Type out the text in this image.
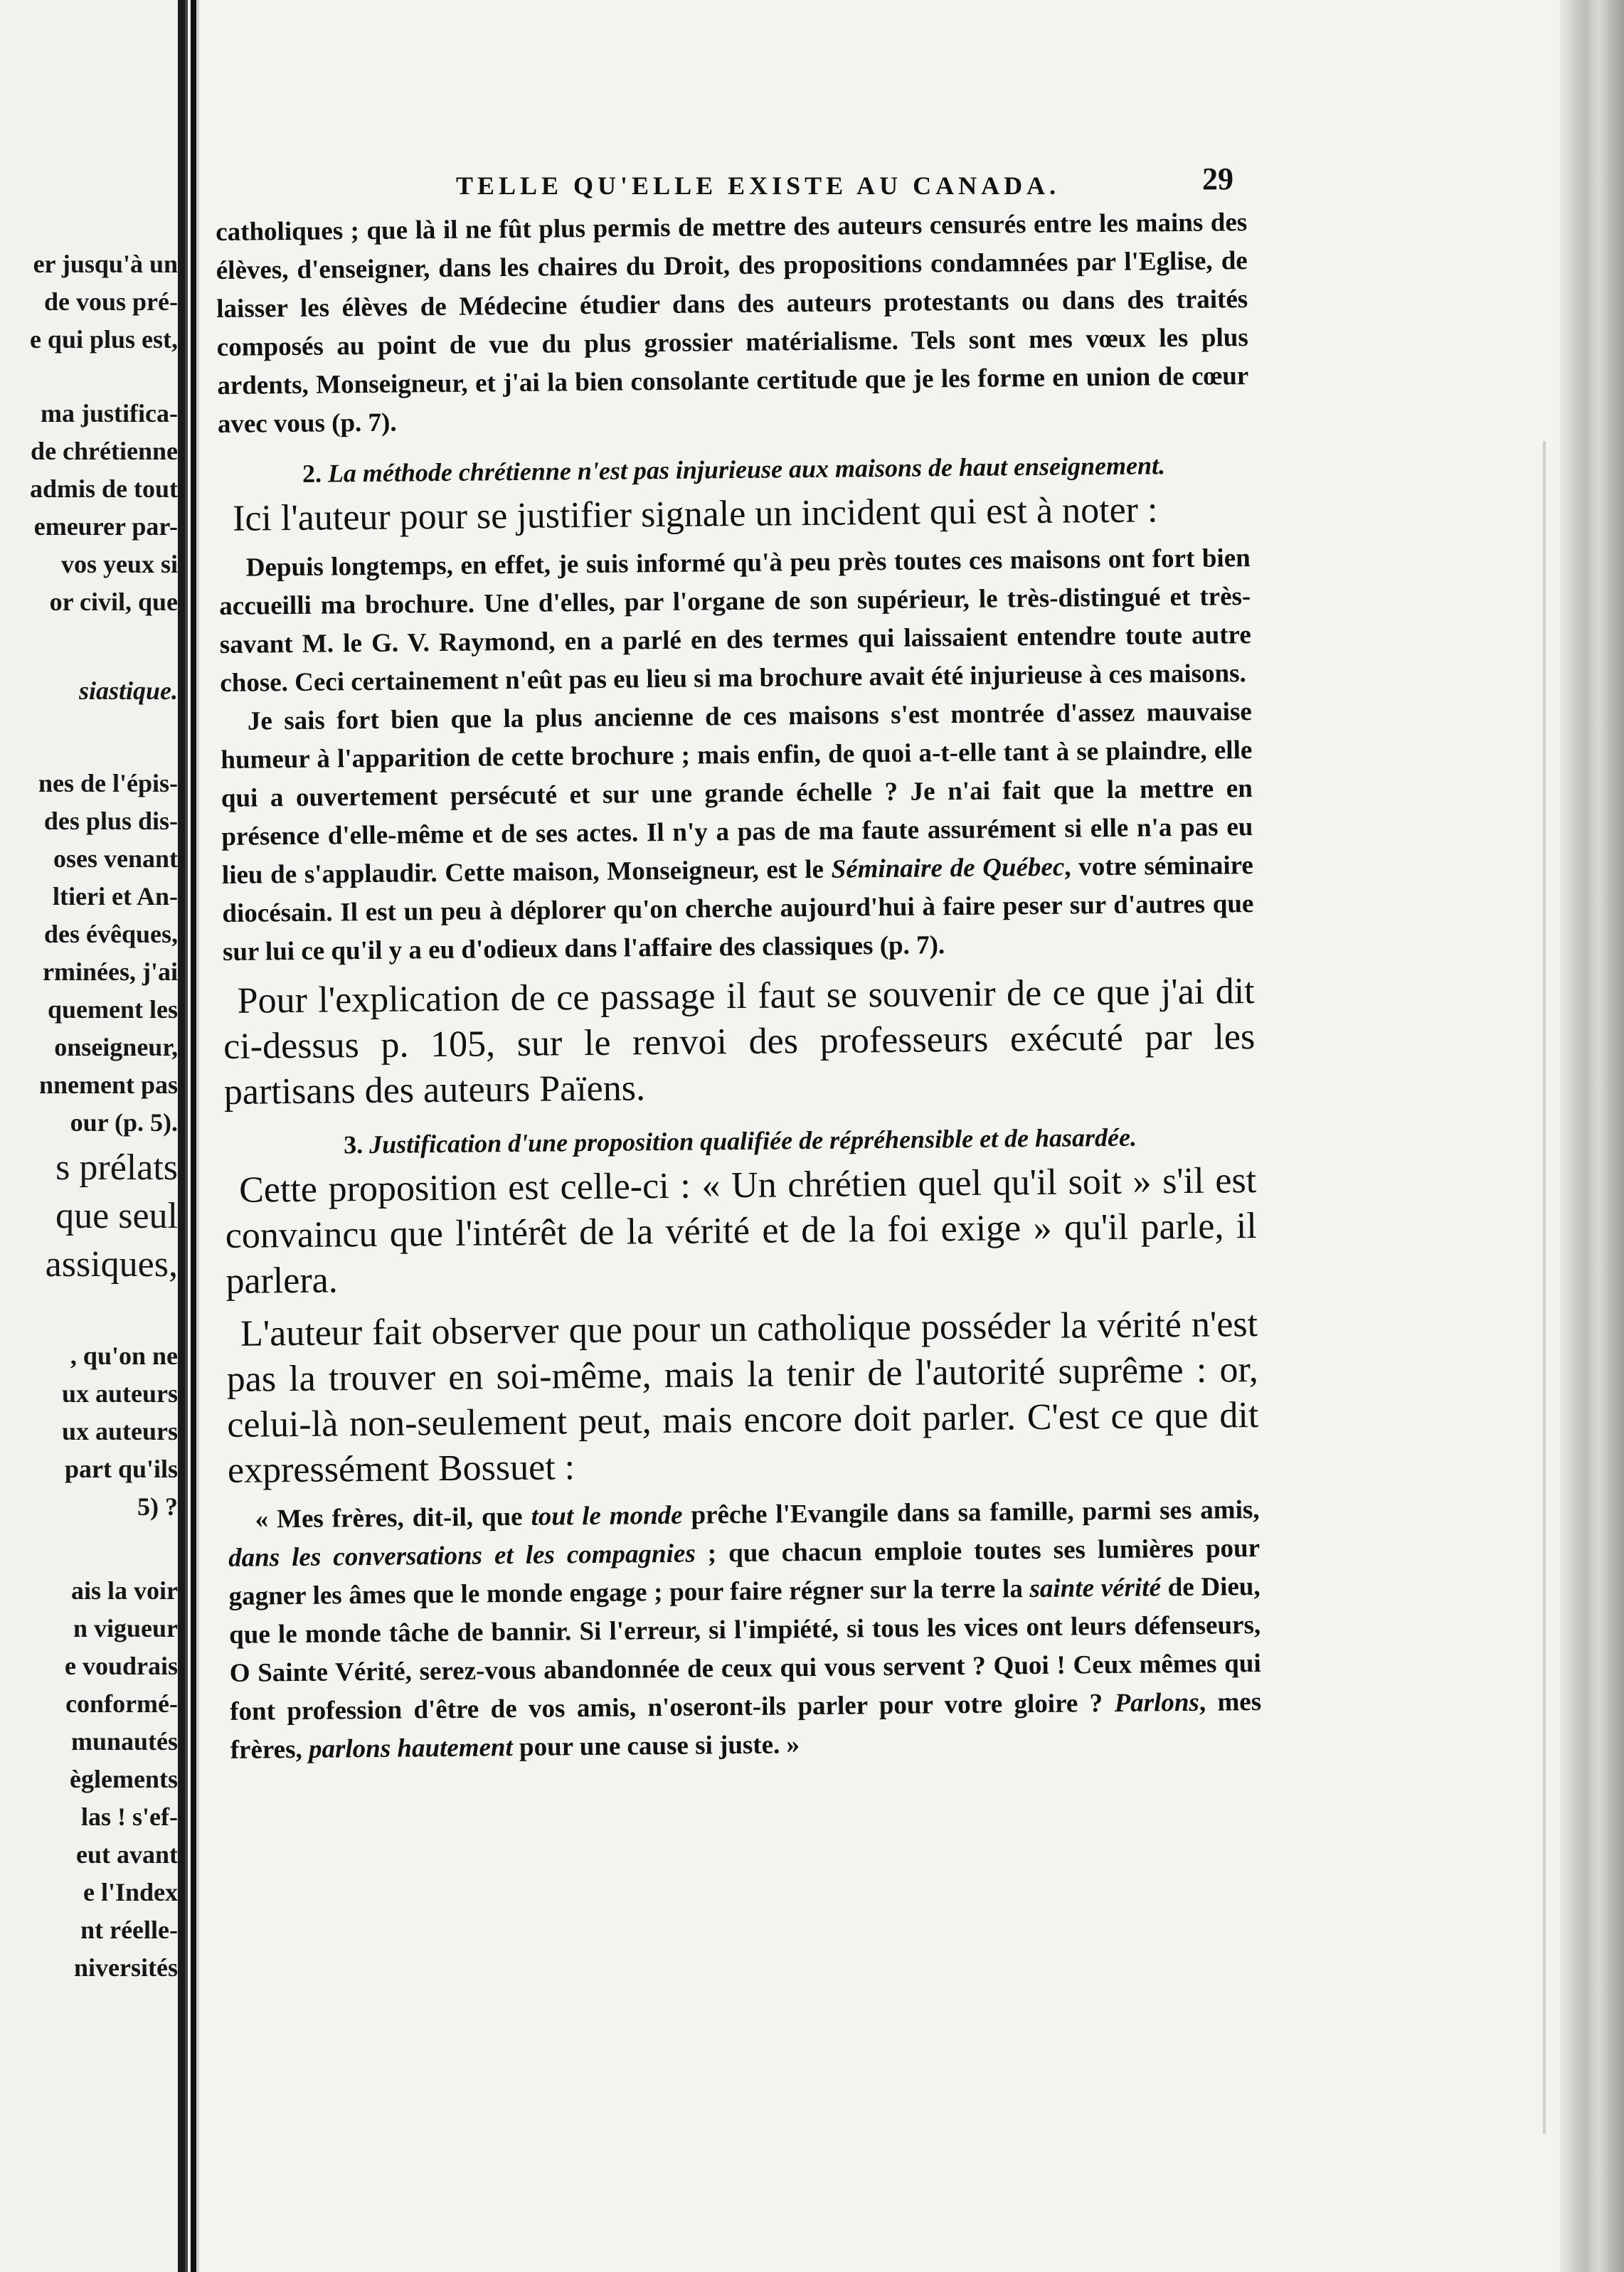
er jusqu'à un
de vous pré-
e qui plus est,
ma justifica-
de chrétienne
admis de tout
emeurer par-
vos yeux si
or civil, que
siastique.
nes de l'épis-
des plus dis-
oses venant
ltieri et An-
des évêques,
rminées, j'ai
quement les
onseigneur,
nnement pas
our (p. 5).
s prélats
que seul
assiques,
, qu'on ne
ux auteurs
ux auteurs
part qu'ils
5) ?
ais la voir
n vigueur
e voudrais
conformé-
munautés
èglements
las ! s'ef-
eut avant
e l'Index
nt réelle-
niversités
TELLE QU'ELLE EXISTE AU CANADA.	29

catholiques ; que là il ne fût plus permis de mettre des auteurs censurés entre les mains des élèves, d'enseigner, dans les chaires du Droit, des propositions condamnées par l'Eglise, de laisser les élèves de Médecine étudier dans des auteurs protestants ou dans des traités composés au point de vue du plus grossier matérialisme. Tels sont mes vœux les plus ardents, Monseigneur, et j'ai la bien consolante certitude que je les forme en union de cœur avec vous (p. 7).

2. La méthode chrétienne n'est pas injurieuse aux maisons de haut enseignement.

Ici l'auteur pour se justifier signale un incident qui est à noter :

Depuis longtemps, en effet, je suis informé qu'à peu près toutes ces maisons ont fort bien accueilli ma brochure. Une d'elles, par l'organe de son supérieur, le très-distingué et très-savant M. le G. V. Raymond, en a parlé en des termes qui laissaient entendre toute autre chose. Ceci certainement n'eût pas eu lieu si ma brochure avait été injurieuse à ces maisons.

Je sais fort bien que la plus ancienne de ces maisons s'est montrée d'assez mauvaise humeur à l'apparition de cette brochure ; mais enfin, de quoi a-t-elle tant à se plaindre, elle qui a ouvertement persécuté et sur une grande échelle ? Je n'ai fait que la mettre en présence d'elle-même et de ses actes. Il n'y a pas de ma faute assurément si elle n'a pas eu lieu de s'applaudir. Cette maison, Monseigneur, est le Séminaire de Québec, votre séminaire diocésain. Il est un peu à déplorer qu'on cherche aujourd'hui à faire peser sur d'autres que sur lui ce qu'il y a eu d'odieux dans l'affaire des classiques (p. 7).

Pour l'explication de ce passage il faut se souvenir de ce que j'ai dit ci-dessus p. 105, sur le renvoi des professeurs exécuté par les partisans des auteurs Païens.

3. Justification d'une proposition qualifiée de répréhensible et de hasardée.

Cette proposition est celle-ci : « Un chrétien quel qu'il soit » s'il est convaincu que l'intérêt de la vérité et de la foi exige » qu'il parle, il parlera.

L'auteur fait observer que pour un catholique posséder la vérité n'est pas la trouver en soi-même, mais la tenir de l'autorité suprême : or, celui-là non-seulement peut, mais encore doit parler. C'est ce que dit expressément Bossuet :

« Mes frères, dit-il, que tout le monde prêche l'Evangile dans sa famille, parmi ses amis, dans les conversations et les compagnies ; que chacun emploie toutes ses lumières pour gagner les âmes que le monde engage ; pour faire régner sur la terre la sainte vérité de Dieu, que le monde tâche de bannir. Si l'erreur, si l'impiété, si tous les vices ont leurs défenseurs, O Sainte Vérité, serez-vous abandonnée de ceux qui vous servent ? Quoi ! Ceux mêmes qui font profession d'être de vos amis, n'oseront-ils parler pour votre gloire ? Parlons, mes frères, parlons hautement pour une cause si juste. »
